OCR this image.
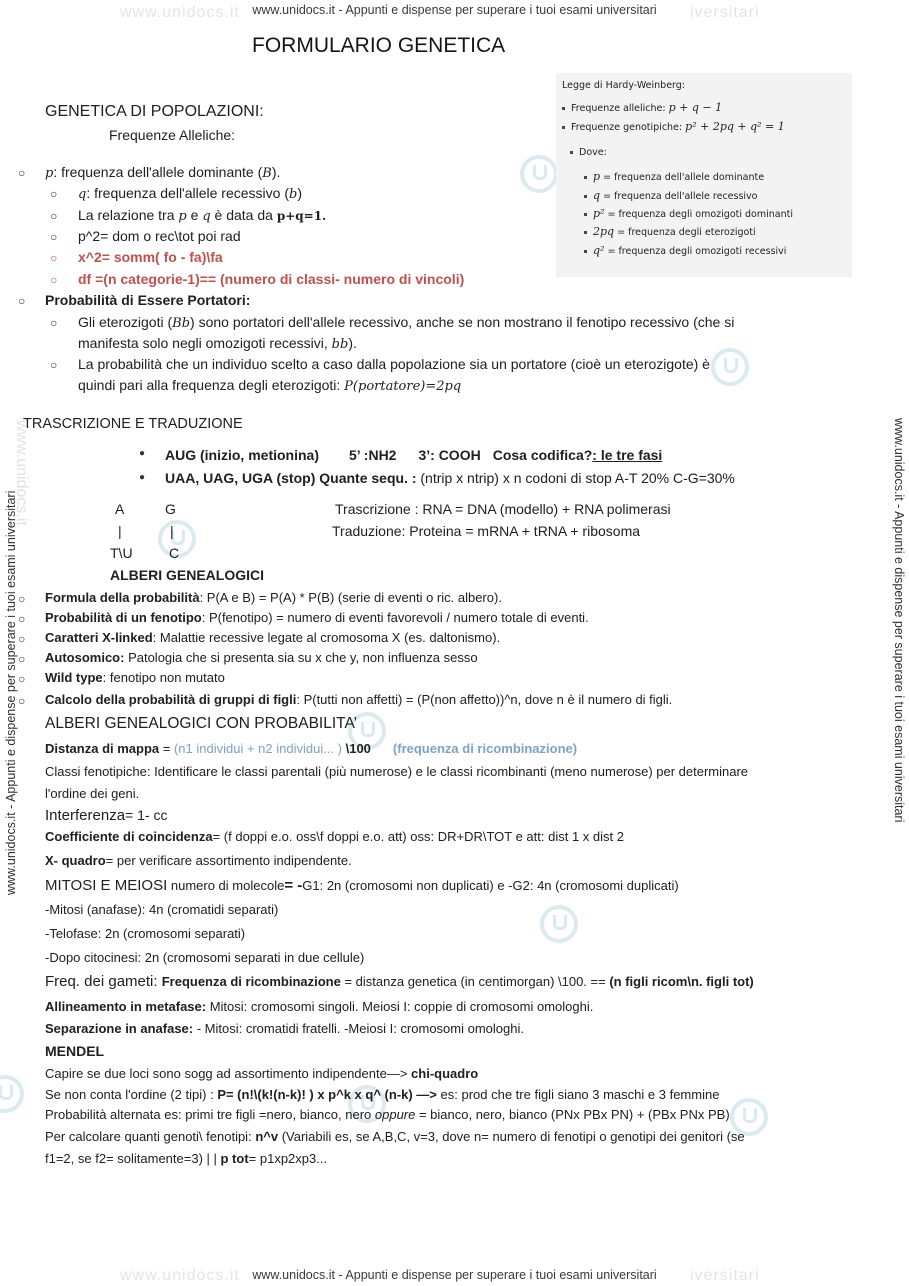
www.unidocs.it	iversitari
www.unidocs.it - Appunti e dispense per superare i tuoi esami universitari
www.unidocs.it	iversitari
www.unidocs.it - Appunti e dispense per superare i tuoi esami universitari
www.unidocs.it - Appunti e dispense per superare i tuoi esami universitari
www.unidocs.it	www.unidocs.it - Appunti e dispense per superare i tuoi esami universitari
FORMULARIO GENETICA
Legge di Hardy-Weinberg:
Frequenze alleliche: p + q − 1
Frequenze genotipiche: p² + 2pq + q² = 1
Dove:
p = frequenza dell'allele dominante
q = frequenza dell'allele recessivo
p² = frequenza degli omozigoti dominanti
2pq = frequenza degli eterozigoti
q² = frequenza degli omozigoti recessivi
GENETICA DI POPOLAZIONI:
Frequenze Alleliche:
○ p: frequenza dell'allele dominante (B).
○ q: frequenza dell'allele recessivo (b)
○ La relazione tra p e q è data da p+q=1.
○ p^2= dom o rec\tot poi rad
○ x^2= somm( fo - fa)\fa
○ df =(n categorie-1)== (numero di classi- numero di vincoli)
○ Probabilità di Essere Portatori:
○ Gli eterozigoti (Bb) sono portatori dell'allele recessivo, anche se non mostrano il fenotipo recessivo (che si
manifesta solo negli omozigoti recessivi, bb).
○ La probabilità che un individuo scelto a caso dalla popolazione sia un portatore (cioè un eterozigote) è
quindi pari alla frequenza degli eterozigoti: P(portatore)=2pq
TRASCRIZIONE E TRADUZIONE
● AUG (inizio, metionina) 5’ :NH2 3’: COOH Cosa codifica?: le tre fasi
● UAA, UAG, UGA (stop) Quante sequ. : (ntrip x ntrip) x n codoni di stop A-T 20% C-G=30%
A	G
|	|
T\U	C
Trascrizione : RNA = DNA (modello) + RNA polimerasi
Traduzione: Proteina = mRNA + tRNA + ribosoma
ALBERI GENEALOGICI
○ Formula della probabilità: P(A e B) = P(A) * P(B) (serie di eventi o ric. albero).
○ Probabilità di un fenotipo: P(fenotipo) = numero di eventi favorevoli / numero totale di eventi.
○ Caratteri X-linked: Malattie recessive legate al cromosoma X (es. daltonismo).
○ Autosomico: Patologia che si presenta sia su x che y, non influenza sesso
○ Wild type: fenotipo non mutato
○ Calcolo della probabilità di gruppi di figli: P(tutti non affetti) = (P(non affetto))^n, dove n è il numero di figli.
ALBERI GENEALOGICI CON PROBABILITA’
Distanza di mappa = (n1 individui + n2 individui... ) \100 (frequenza di ricombinazione)
Classi fenotipiche: Identificare le classi parentali (più numerose) e le classi ricombinanti (meno numerose) per determinare
l'ordine dei geni.
Interferenza= 1- cc
Coefficiente di coincidenza= (f doppi e.o. oss\f doppi e.o. att) oss: DR+DR\TOT e att: dist 1 x dist 2
X- quadro= per verificare assortimento indipendente.
MITOSI E MEIOSI numero di molecole= -G1: 2n (cromosomi non duplicati) e -G2: 4n (cromosomi duplicati)
-Mitosi (anafase): 4n (cromatidi separati)
-Telofase: 2n (cromosomi separati)
-Dopo citocinesi: 2n (cromosomi separati in due cellule)
Freq. dei gameti: Frequenza di ricombinazione = distanza genetica (in centimorgan) \100. == (n figli ricom\n. figli tot)
Allineamento in metafase: Mitosi: cromosomi singoli. Meiosi I: coppie di cromosomi omologhi.
Separazione in anafase: - Mitosi: cromatidi fratelli. -Meiosi I: cromosomi omologhi.
MENDEL
Capire se due loci sono sogg ad assortimento indipendente—> chi-quadro
Se non conta l'ordine (2 tipi) : P= (n!\(k!(n-k)! ) x p^k x q^ (n-k) —> es: prod che tre figli siano 3 maschi e 3 femmine
Probabilità alternata es: primi tre figli =nero, bianco, nero oppure = bianco, nero, bianco (PNx PBx PN) + (PBx PNx PB)
Per calcolare quanti genoti\ fenotipi: n^v (Variabili es, se A,B,C, v=3, dove n= numero di fenotipi o genotipi dei genitori (se
f1=2, se f2= solitamente=3) | | p tot= p1xp2xp3...
